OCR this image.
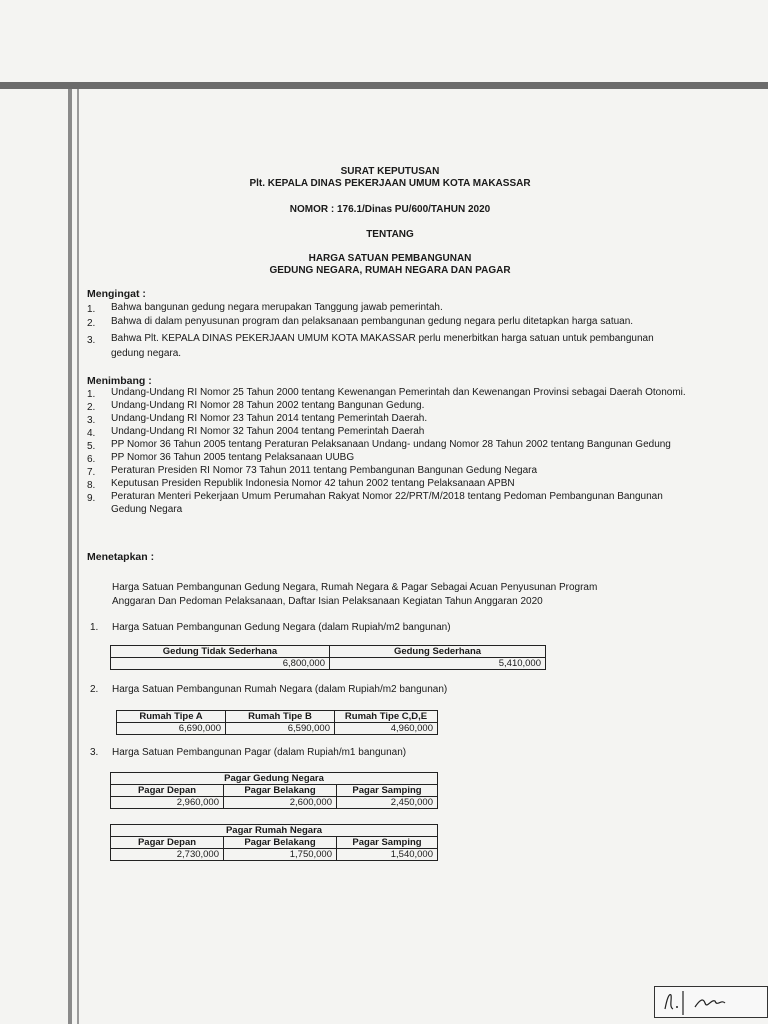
SURAT KEPUTUSAN
Plt. KEPALA DINAS PEKERJAAN UMUM KOTA MAKASSAR
NOMOR : 176.1/Dinas PU/600/TAHUN 2020
TENTANG
HARGA SATUAN PEMBANGUNAN
GEDUNG NEGARA, RUMAH NEGARA DAN PAGAR
Mengingat :
1. Bahwa bangunan gedung negara merupakan Tanggung jawab pemerintah.
2. Bahwa di dalam penyusunan program dan pelaksanaan pembangunan gedung negara perlu ditetapkan harga satuan.
3. Bahwa Plt. KEPALA DINAS PEKERJAAN UMUM KOTA MAKASSAR perlu menerbitkan harga satuan untuk pembangunan gedung negara.
Menimbang :
1. Undang-Undang RI Nomor 25 Tahun 2000 tentang Kewenangan Pemerintah dan Kewenangan Provinsi sebagai Daerah Otonomi.
2. Undang-Undang RI Nomor 28 Tahun 2002 tentang Bangunan Gedung.
3. Undang-Undang RI Nomor 23 Tahun 2014 tentang Pemerintah Daerah.
4. Undang-Undang RI Nomor 32 Tahun 2004 tentang Pemerintah Daerah
5. PP Nomor 36 Tahun 2005 tentang Peraturan Pelaksanaan Undang- undang Nomor 28 Tahun 2002 tentang Bangunan Gedung
6. PP Nomor 36 Tahun 2005 tentang Pelaksanaan UUBG
7. Peraturan Presiden RI Nomor 73 Tahun 2011 tentang Pembangunan Bangunan Gedung Negara
8. Keputusan Presiden Republik Indonesia Nomor 42 tahun 2002 tentang Pelaksanaan APBN
9. Peraturan Menteri Pekerjaan Umum Perumahan Rakyat Nomor 22/PRT/M/2018 tentang Pedoman Pembangunan Bangunan Gedung Negara
Menetapkan :
Harga Satuan Pembangunan Gedung Negara, Rumah Negara & Pagar Sebagai Acuan Penyusunan Program
Anggaran Dan Pedoman Pelaksanaan, Daftar Isian Pelaksanaan Kegiatan Tahun Anggaran 2020
1. Harga Satuan Pembangunan Gedung Negara (dalam Rupiah/m2 bangunan)
Gedung Tidak Sederhana	Gedung Sederhana
6,800,000	5,410,000
2. Harga Satuan Pembangunan Rumah Negara (dalam Rupiah/m2 bangunan)
Rumah Tipe A	Rumah Tipe B	Rumah Tipe C,D,E
6,690,000	6,590,000	4,960,000
3. Harga Satuan Pembangunan Pagar (dalam Rupiah/m1 bangunan)
Pagar Gedung Negara		
Pagar Depan	Pagar Belakang	Pagar Samping
2,960,000	2,600,000	2,450,000
Pagar Rumah Negara		
Pagar Depan	Pagar Belakang	Pagar Samping
2,730,000	1,750,000	1,540,000
